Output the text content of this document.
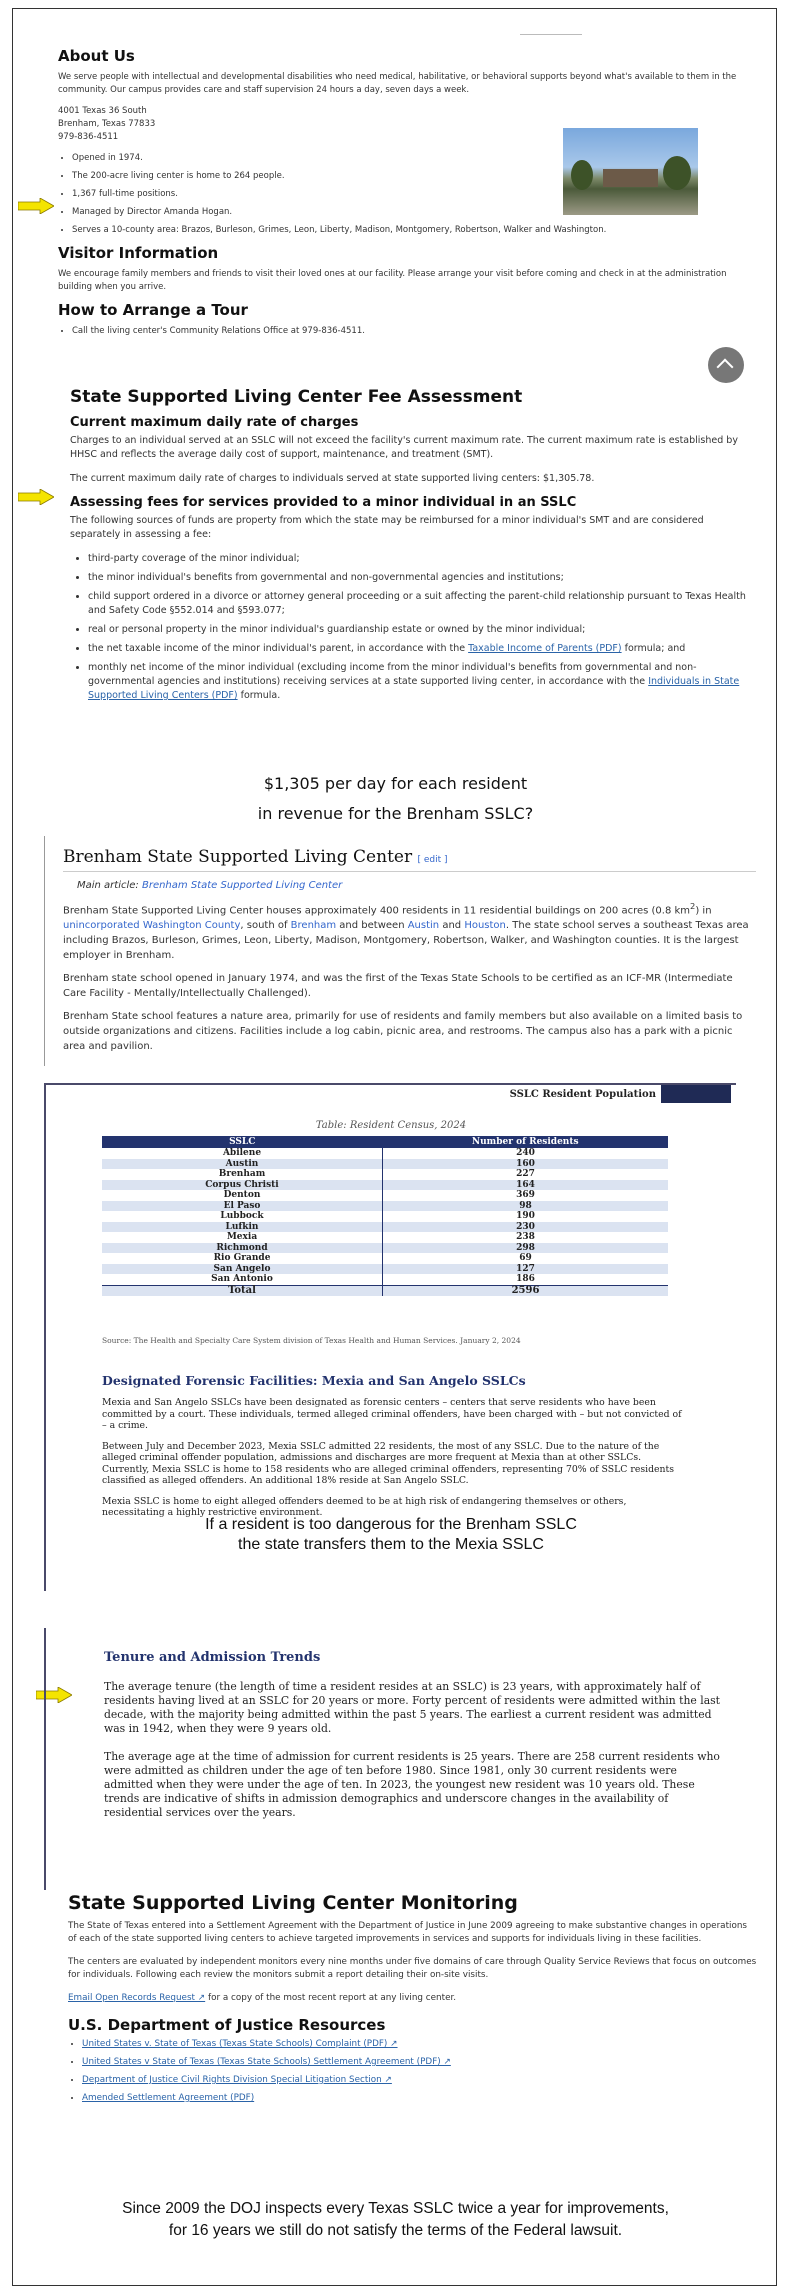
About Us

We serve people with intellectual and developmental disabilities who need medical, habilitative, or behavioral supports beyond what's available to them in the community. Our campus provides care and staff supervision 24 hours a day, seven days a week.

4001 Texas 36 South
Brenham, Texas 77833
979-836-4511
• Opened in 1974.
• The 200-acre living center is home to 264 people.
• 1,367 full-time positions.
• Managed by Director Amanda Hogan.
• Serves a 10-county area: Brazos, Burleson, Grimes, Leon, Liberty, Madison, Montgomery, Robertson, Walker and Washington.
Visitor Information

We encourage family members and friends to visit their loved ones at our facility. Please arrange your visit before coming and check in at the administration building when you arrive.

How to Arrange a Tour
• Call the living center's Community Relations Office at 979-836-4511.
State Supported Living Center Fee Assessment
Current maximum daily rate of charges

Charges to an individual served at an SSLC will not exceed the facility's current maximum rate. The current maximum rate is established by HHSC and reflects the average daily cost of support, maintenance, and treatment (SMT).

The current maximum daily rate of charges to individuals served at state supported living centers: $1,305.78.

Assessing fees for services provided to a minor individual in an SSLC

The following sources of funds are property from which the state may be reimbursed for a minor individual's SMT and are considered separately in assessing a fee:

• third-party coverage of the minor individual;
• the minor individual's benefits from governmental and non-governmental agencies and institutions;
• child support ordered in a divorce or attorney general proceeding or a suit affecting the parent-child relationship pursuant to Texas Health and Safety Code §552.014 and §593.077;
• real or personal property in the minor individual's guardianship estate or owned by the minor individual;
• the net taxable income of the minor individual's parent, in accordance with the Taxable Income of Parents (PDF) formula; and
• monthly net income of the minor individual (excluding income from the minor individual's benefits from governmental and non-governmental agencies and institutions) receiving services at a state supported living center, in accordance with the Individuals in State Supported Living Centers (PDF) formula.
$1,305 per day for each resident
in revenue for the Brenham SSLC?
Brenham State Supported Living Center [ edit ]
Main article: Brenham State Supported Living Center

Brenham State Supported Living Center houses approximately 400 residents in 11 residential buildings on 200 acres (0.8 $km^2$) in unincorporated Washington County, south of Brenham and between Austin and Houston. The state school serves a southeast Texas area including Brazos, Burleson, Grimes, Leon, Liberty, Madison, Montgomery, Robertson, Walker, and Washington counties. It is the largest employer in Brenham.

Brenham state school opened in January 1974, and was the first of the Texas State Schools to be certified as an ICF-MR (Intermediate Care Facility - Mentally/Intellectually Challenged).

Brenham State school features a nature area, primarily for use of residents and family members but also available on a limited basis to outside organizations and citizens. Facilities include a log cabin, picnic area, and restrooms. The campus also has a park with a picnic area and pavilion.

SSLC Resident Population
Table: Resident Census, 2024
SSLC	Number of Residents
Abilene	240
Austin	160
Brenham	227
Corpus Christi	164
Denton	369
El Paso	98
Lubbock	190
Lufkin	230
Mexia	238
Richmond	298
Rio Grande	69
San Angelo	127
San Antonio	186
Total	2596
Source: The Health and Specialty Care System division of Texas Health and Human Services. January 2, 2024
Designated Forensic Facilities: Mexia and San Angelo SSLCs

Mexia and San Angelo SSLCs have been designated as forensic centers – centers that serve residents who have been committed by a court. These individuals, termed alleged criminal offenders, have been charged with – but not convicted of – a crime.

Between July and December 2023, Mexia SSLC admitted 22 residents, the most of any SSLC. Due to the nature of the alleged criminal offender population, admissions and discharges are more frequent at Mexia than at other SSLCs. Currently, Mexia SSLC is home to 158 residents who are alleged criminal offenders, representing 70% of SSLC residents classified as alleged offenders. An additional 18% reside at San Angelo SSLC.

Mexia SSLC is home to eight alleged offenders deemed to be at high risk of endangering themselves or others, necessitating a highly restrictive environment.

If a resident is too dangerous for the Brenham SSLC
the state transfers them to the Mexia SSLC
Tenure and Admission Trends

The average tenure (the length of time a resident resides at an SSLC) is 23 years, with approximately half of residents having lived at an SSLC for 20 years or more. Forty percent of residents were admitted within the last decade, with the majority being admitted within the past 5 years. The earliest a current resident was admitted was in 1942, when they were 9 years old.

The average age at the time of admission for current residents is 25 years. There are 258 current residents who were admitted as children under the age of ten before 1980. Since 1981, only 30 current residents were admitted when they were under the age of ten. In 2023, the youngest new resident was 10 years old. These trends are indicative of shifts in admission demographics and underscore changes in the availability of residential services over the years.

State Supported Living Center Monitoring

The State of Texas entered into a Settlement Agreement with the Department of Justice in June 2009 agreeing to make substantive changes in operations of each of the state supported living centers to achieve targeted improvements in services and supports for individuals living in these facilities.

The centers are evaluated by independent monitors every nine months under five domains of care through Quality Service Reviews that focus on outcomes for individuals. Following each review the monitors submit a report detailing their on-site visits.

Email Open Records Request ↗ for a copy of the most recent report at any living center.

U.S. Department of Justice Resources
• United States v. State of Texas (Texas State Schools) Complaint (PDF) ↗
• United States v State of Texas (Texas State Schools) Settlement Agreement (PDF) ↗
• Department of Justice Civil Rights Division Special Litigation Section ↗
• Amended Settlement Agreement (PDF)
Since 2009 the DOJ inspects every Texas SSLC twice a year for improvements,
for 16 years we still do not satisfy the terms of the Federal lawsuit.
